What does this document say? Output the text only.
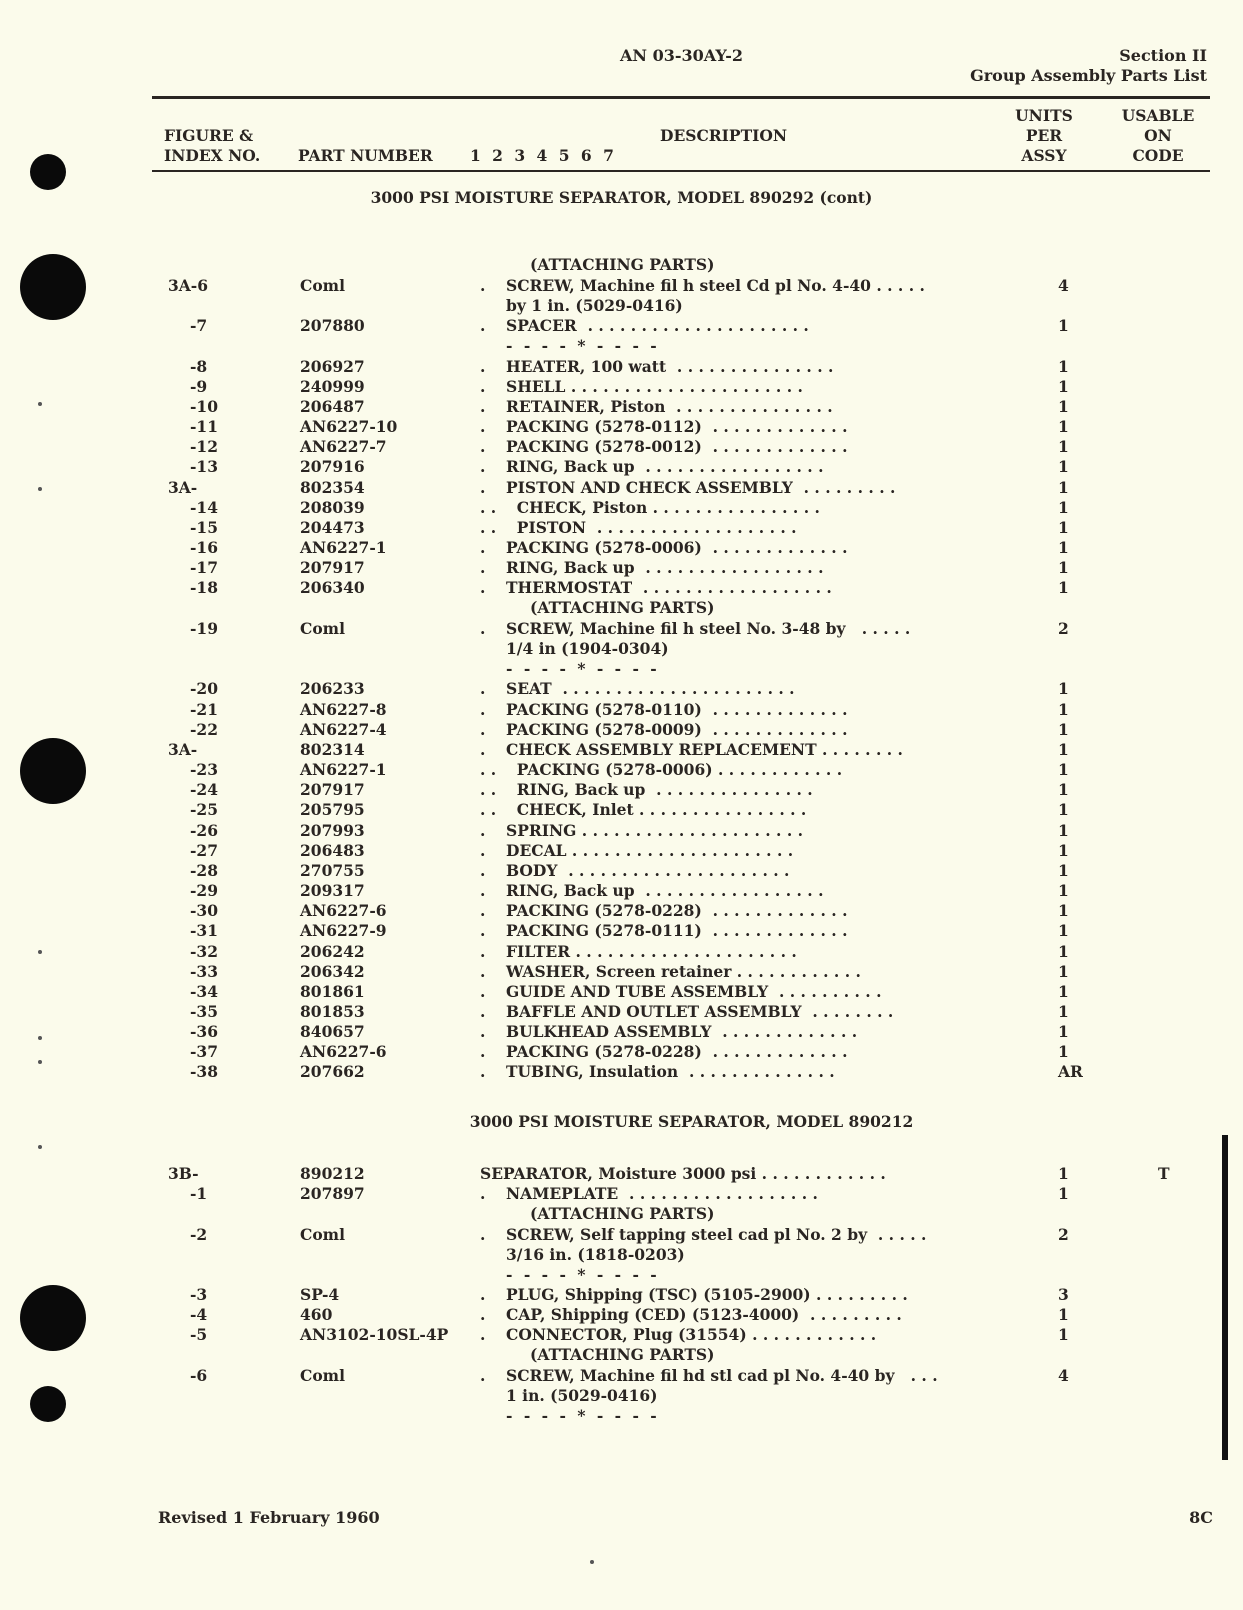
AN 03-30AY-2	Section II
Group Assembly Parts List
FIGURE &
INDEX NO. PART NUMBER 1 2 3 4 5 6 7
DESCRIPTION
UNITS
PER
ASSY
USABLE
ON
CODE
3000 PSI MOISTURE SEPARATOR, MODEL 890292 (cont)
3000 PSI MOISTURE SEPARATOR, MODEL 890212
(ATTACHING PARTS)
3A-6	Coml	. SCREW, Machine fil h steel Cd pl No. 4-40 . . . . .	4
by 1 in. (5029-0416)
-7	207880	. SPACER  . . . . . . . . . . . . . . . . . . . . .	1
- - - - * - - - -
-8	206927	. HEATER, 100 watt  . . . . . . . . . . . . . . .	1
-9	240999	. SHELL . . . . . . . . . . . . . . . . . . . . . .	1
-10	206487	. RETAINER, Piston  . . . . . . . . . . . . . . .	1
-11	AN6227-10	. PACKING (5278-0112)  . . . . . . . . . . . . .	1
-12	AN6227-7	. PACKING (5278-0012)  . . . . . . . . . . . . .	1
-13	207916	. RING, Back up  . . . . . . . . . . . . . . . . .	1
3A-	802354	. PISTON AND CHECK ASSEMBLY  . . . . . . . . .	1
-14	208039	. . CHECK, Piston . . . . . . . . . . . . . . . .	1
-15	204473	. . PISTON  . . . . . . . . . . . . . . . . . . .	1
-16	AN6227-1	. PACKING (5278-0006)  . . . . . . . . . . . . .	1
-17	207917	. RING, Back up  . . . . . . . . . . . . . . . . .	1
-18	206340	. THERMOSTAT  . . . . . . . . . . . . . . . . . .	1
(ATTACHING PARTS)
-19	Coml	. SCREW, Machine fil h steel No. 3-48 by   . . . . .	2
1/4 in (1904-0304)
- - - - * - - - -
-20	206233	. SEAT  . . . . . . . . . . . . . . . . . . . . . .	1
-21	AN6227-8	. PACKING (5278-0110)  . . . . . . . . . . . . .	1
-22	AN6227-4	. PACKING (5278-0009)  . . . . . . . . . . . . .	1
3A-	802314	. CHECK ASSEMBLY REPLACEMENT . . . . . . . .	1
-23	AN6227-1	. . PACKING (5278-0006) . . . . . . . . . . . .	1
-24	207917	. . RING, Back up  . . . . . . . . . . . . . . .	1
-25	205795	. . CHECK, Inlet . . . . . . . . . . . . . . . .	1
-26	207993	. SPRING . . . . . . . . . . . . . . . . . . . . .	1
-27	206483	. DECAL . . . . . . . . . . . . . . . . . . . . .	1
-28	270755	. BODY  . . . . . . . . . . . . . . . . . . . . .	1
-29	209317	. RING, Back up  . . . . . . . . . . . . . . . . .	1
-30	AN6227-6	. PACKING (5278-0228)  . . . . . . . . . . . . .	1
-31	AN6227-9	. PACKING (5278-0111)  . . . . . . . . . . . . .	1
-32	206242	. FILTER . . . . . . . . . . . . . . . . . . . . .	1
-33	206342	. WASHER, Screen retainer . . . . . . . . . . . .	1
-34	801861	. GUIDE AND TUBE ASSEMBLY  . . . . . . . . . .	1
-35	801853	. BAFFLE AND OUTLET ASSEMBLY  . . . . . . . .	1
-36	840657	. BULKHEAD ASSEMBLY  . . . . . . . . . . . . .	1
-37	AN6227-6	. PACKING (5278-0228)  . . . . . . . . . . . . .	1
-38	207662	. TUBING, Insulation  . . . . . . . . . . . . . .	AR
3B-	890212	SEPARATOR, Moisture 3000 psi . . . . . . . . . . . .	1	T
-1	207897	. NAMEPLATE  . . . . . . . . . . . . . . . . . .	1
(ATTACHING PARTS)
-2	Coml	. SCREW, Self tapping steel cad pl No. 2 by  . . . . .	2
3/16 in. (1818-0203)
- - - - * - - - -
-3	SP-4	. PLUG, Shipping (TSC) (5105-2900) . . . . . . . . .	3
-4	460	. CAP, Shipping (CED) (5123-4000)  . . . . . . . . .	1
-5	AN3102-10SL-4P . CONNECTOR, Plug (31554) . . . . . . . . . . . .	1
(ATTACHING PARTS)
-6	Coml	. SCREW, Machine fil hd stl cad pl No. 4-40 by   . . .	4
1 in. (5029-0416)
- - - - * - - - -
Revised 1 February 1960	8C
